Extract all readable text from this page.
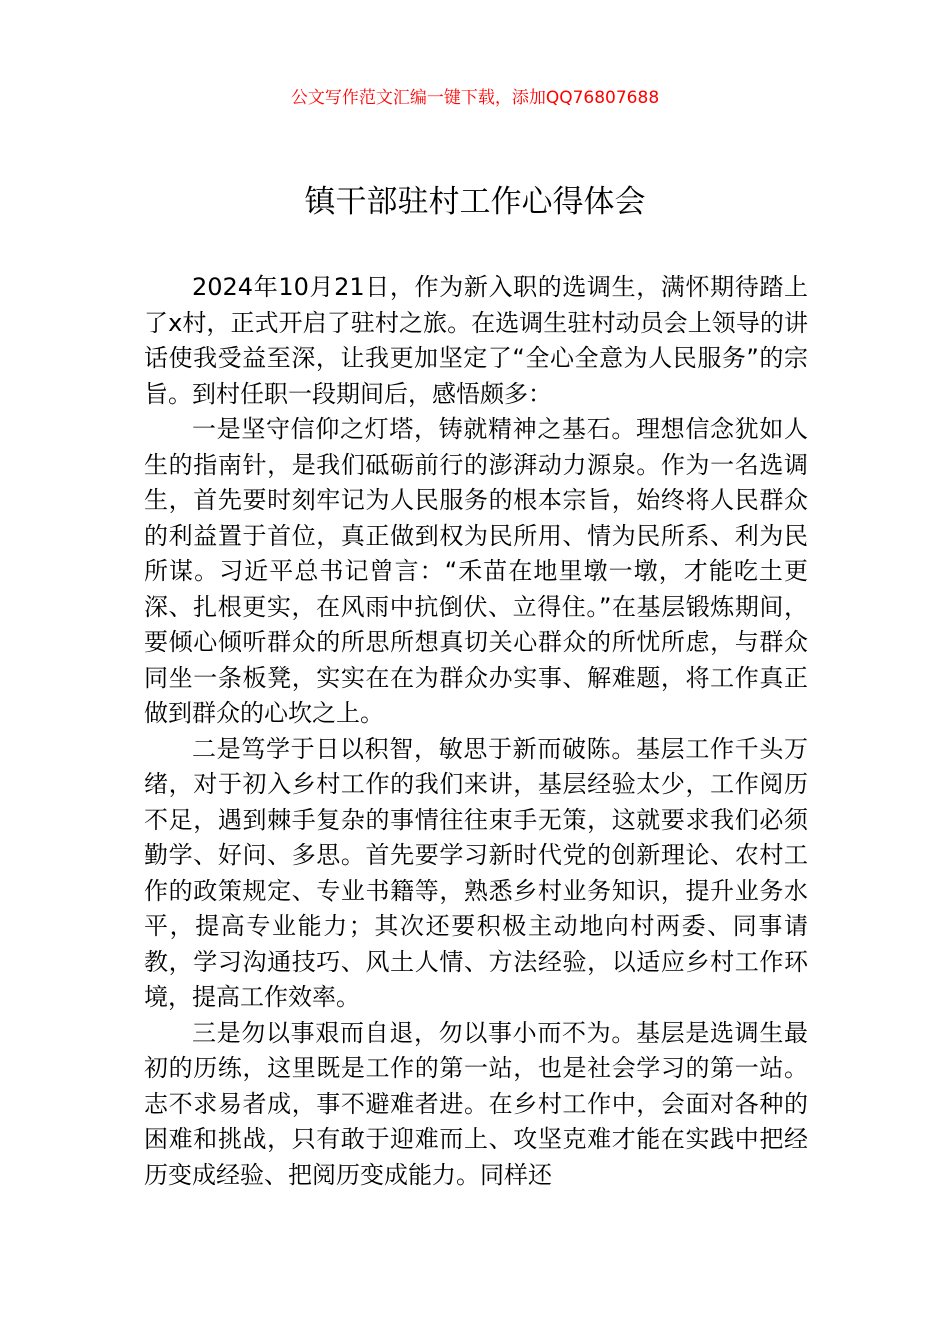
公文写作范文汇编一键下载，添加QQ76807688
镇干部驻村工作心得体会

2024年10月21日，作为新入职的选调生，满怀期待踏上了x村，正式开启了驻村之旅。在选调生驻村动员会上领导的讲话使我受益至深，让我更加坚定了“全心全意为人民服务”的宗旨。到村任职一段期间后，感悟颇多：

一是坚守信仰之灯塔，铸就精神之基石。理想信念犹如人生的指南针，是我们砥砺前行的澎湃动力源泉。作为一名选调生，首先要时刻牢记为人民服务的根本宗旨，始终将人民群众的利益置于首位，真正做到权为民所用、情为民所系、利为民所谋。习近平总书记曾言：“禾苗在地里墩一墩，才能吃土更深、扎根更实，在风雨中抗倒伏、立得住。”在基层锻炼期间，要倾心倾听群众的所思所想真切关心群众的所忧所虑，与群众同坐一条板凳，实实在在为群众办实事、解难题，将工作真正做到群众的心坎之上。

二是笃学于日以积智，敏思于新而破陈。基层工作千头万绪，对于初入乡村工作的我们来讲，基层经验太少，工作阅历不足，遇到棘手复杂的事情往往束手无策，这就要求我们必须勤学、好问、多思。首先要学习新时代党的创新理论、农村工作的政策规定、专业书籍等，熟悉乡村业务知识，提升业务水平，提高专业能力；其次还要积极主动地向村两委、同事请教，学习沟通技巧、风土人情、方法经验，以适应乡村工作环境，提高工作效率。

三是勿以事艰而自退，勿以事小而不为。基层是选调生最初的历练，这里既是工作的第一站，也是社会学习的第一站。志不求易者成，事不避难者进。在乡村工作中，会面对各种的困难和挑战，只有敢于迎难而上、攻坚克难才能在实践中把经历变成经验、把阅历变成能力。同样还
